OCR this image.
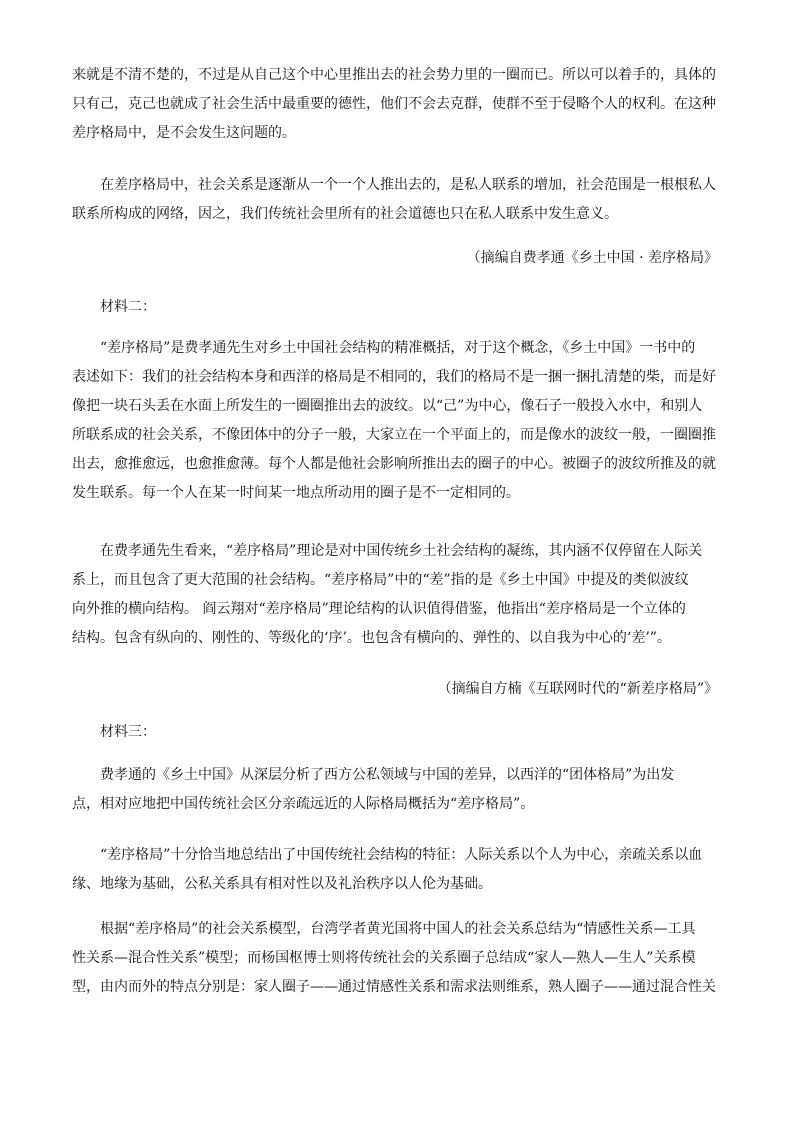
来就是不清不楚的，不过是从自己这个中心里推出去的社会势力里的一圈而已。所以可以着手的，具体的
只有己，克己也就成了社会生活中最重要的德性，他们不会去克群，使群不至于侵略个人的权利。在这种
差序格局中，是不会发生这问题的。
在差序格局中，社会关系是逐渐从一个一个人推出去的，是私人联系的增加，社会范围是一根根私人
联系所构成的网络，因之，我们传统社会里所有的社会道德也只在私人联系中发生意义。
（摘编自费孝通《乡土中国 · 差序格局》
材料二：
“差序格局”是费孝通先生对乡土中国社会结构的精准概括，对于这个概念，《乡土中国》一书中的
表述如下：我们的社会结构本身和西洋的格局是不相同的，我们的格局不是一捆一捆扎清楚的柴，而是好
像把一块石头丢在水面上所发生的一圈圈推出去的波纹。以“己”为中心，像石子一般投入水中，和别人
所联系成的社会关系，不像团体中的分子一般，大家立在一个平面上的，而是像水的波纹一般，一圈圈推
出去，愈推愈远，也愈推愈薄。每个人都是他社会影响所推出去的圈子的中心。被圈子的波纹所推及的就
发生联系。每一个人在某一时间某一地点所动用的圈子是不一定相同的。
在费孝通先生看来，“差序格局”理论是对中国传统乡土社会结构的凝练，其内涵不仅停留在人际关
系上，而且包含了更大范围的社会结构。“差序格局”中的“差”指的是《乡土中国》中提及的类似波纹
向外推的横向结构。 阎云翔对“差序格局”理论结构的认识值得借鉴，他指出“差序格局是一个立体的
结构。包含有纵向的、刚性的、等级化的‘序’。也包含有横向的、弹性的、以自我为中心的‘差’”。
（摘编自方楠《互联网时代的“新差序格局”》
材料三：
费孝通的《乡土中国》从深层分析了西方公私领域与中国的差异，以西洋的“团体格局”为出发
点，相对应地把中国传统社会区分亲疏远近的人际格局概括为“差序格局”。
“差序格局”十分恰当地总结出了中国传统社会结构的特征：人际关系以个人为中心，亲疏关系以血
缘、地缘为基础，公私关系具有相对性以及礼治秩序以人伦为基础。
根据“差序格局”的社会关系模型，台湾学者黄光国将中国人的社会关系总结为“情感性关系—工具
性关系—混合性关系”模型；而杨国枢博士则将传统社会的关系圈子总结成“家人—熟人—生人”关系模
型，由内而外的特点分别是：家人圈子——通过情感性关系和需求法则维系，熟人圈子——通过混合性关
